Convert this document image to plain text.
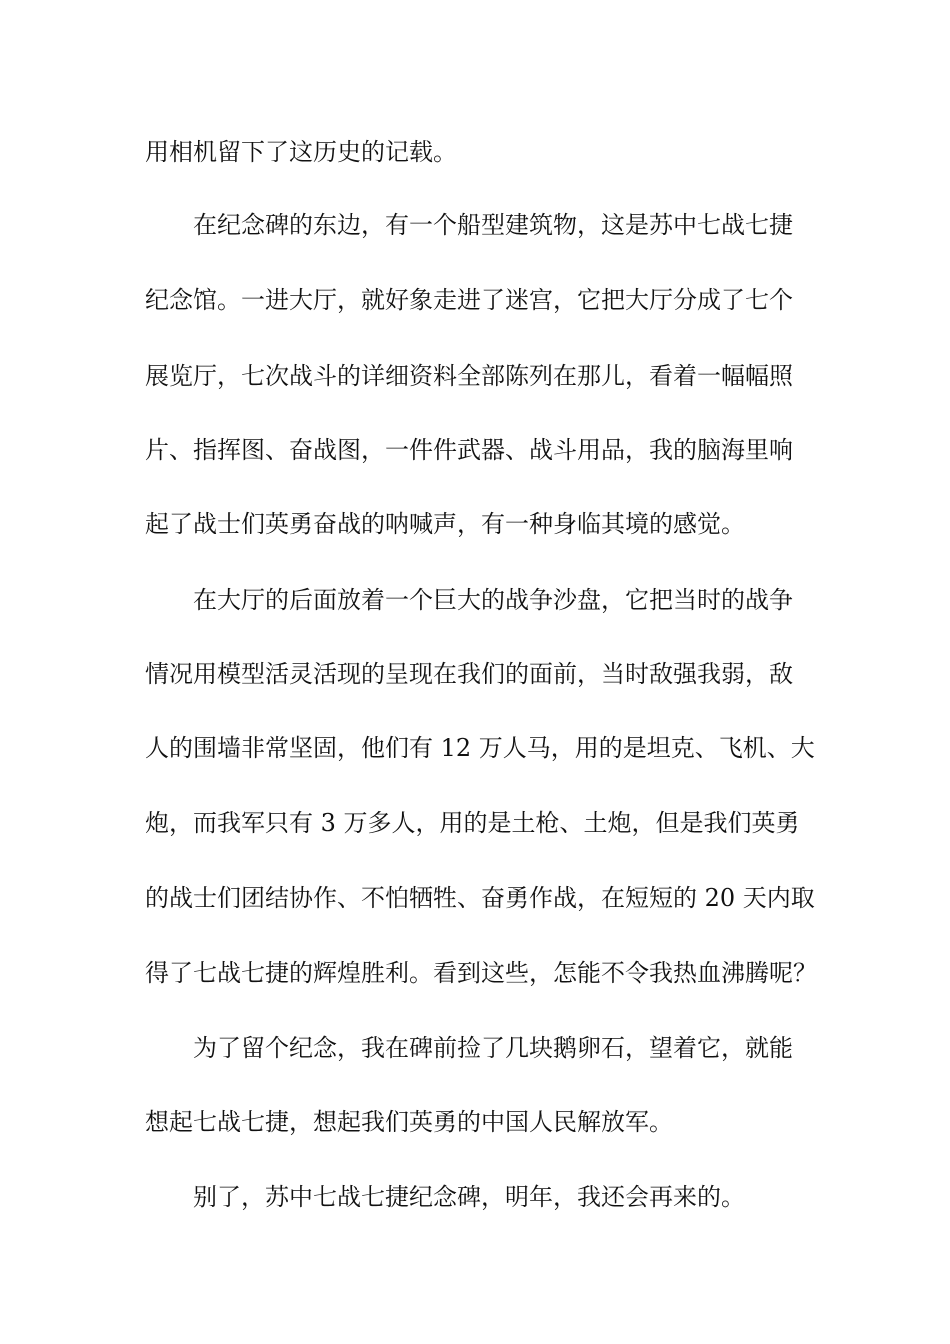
用相机留下了这历史的记载。
在纪念碑的东边，有一个船型建筑物，这是苏中七战七捷
纪念馆。一进大厅，就好象走进了迷宫，它把大厅分成了七个
展览厅，七次战斗的详细资料全部陈列在那儿，看着一幅幅照
片、指挥图、奋战图，一件件武器、战斗用品，我的脑海里响
起了战士们英勇奋战的呐喊声，有一种身临其境的感觉。
在大厅的后面放着一个巨大的战争沙盘，它把当时的战争
情况用模型活灵活现的呈现在我们的面前，当时敌强我弱，敌
人的围墙非常坚固，他们有 12 万人马，用的是坦克、飞机、大
炮，而我军只有 3 万多人，用的是土枪、土炮，但是我们英勇
的战士们团结协作、不怕牺牲、奋勇作战，在短短的 20 天内取
得了七战七捷的辉煌胜利。看到这些，怎能不令我热血沸腾呢？
为了留个纪念，我在碑前捡了几块鹅卵石，望着它，就能
想起七战七捷，想起我们英勇的中国人民解放军。
别了，苏中七战七捷纪念碑，明年，我还会再来的。
